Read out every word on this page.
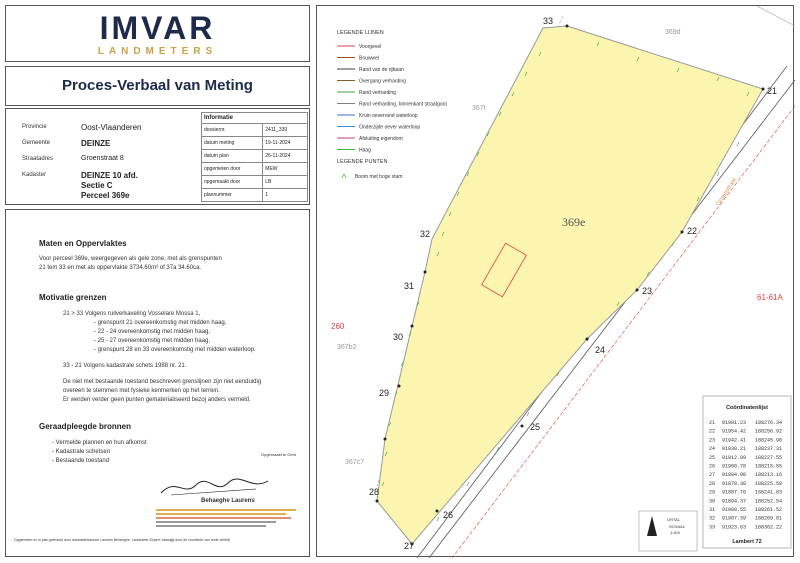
IMVAR
LANDMETERS
Proces-Verbaal van Meting
Provincie	Oost-Vlaanderen
Gemeente	DEINZE
Straatadres	Groenstraat 8
Kadaster	DEINZE 10 afd.
Sectie C
Perceel 369e
Informatie	
dossiernr.	2411_339
datum meting	19-11-2024
datum plan	26-11-2024
opgemeten door	MEW
opgemaakt door	LB
plannummer	1
Maten en Oppervlaktes
Voor perceel 369e, weergegeven als gele zone, met als grenspunten
21 tem 33 en met als oppervlakte 3734.60m² of 37a 34.60ca.
Motivatie grenzen
21 > 33 Volgens ruilverkaveling Vosselare Mossa 1,
- grenspunt 21 overeenkomstig met midden haag,
- 22 - 24 overeenkomstig met midden haag,
- 25 - 27 overeenkomstig met midden haag,
- grenspunt 28 en 33 overeenkomstig met midden waterloop.
33 - 21 Volgens kadastrale schets 1988 nr. 21.
De niet met bestaande toestand beschreven grenslijnen zijn niet eenduidig
overeen te stemmen met fysieke kenmerken op het terrein.
Er werden verder geen punten gematerialiseerd bezoj anders vermeld.
Geraadpleegde bronnen
- Vermelde plannen en hun afkomst
- Kadastrale schetsen
- Bestaande toestand
Opgemaakt te Gent
Behaeghe Laurens
Opgemeten en in plan gebracht door landmeterkantoor Laurens Behaeghe, Landmeter-Expert, bekwijgt door de voorlichte van renie verblijf
21
22
23
24
25
26
27
28
29
30
31
32
33
369e
369d
367t
367b2
367c7
260
61-61A
Groenstraat
LEGENDE LIJNEN
Voorgevel
Bouwwel
Rand van de rijbaan
Overgang verharding
Rand verharding
Rand verharding, binnenkant straatgoot
Kruin oeverrand waterloop
Onderzijde oever waterloop
Afsluiting eigendom
Haag
LEGENDE PUNTEN
Boom met hoge stam
Coördinatenlijst
21 91901.23 188276.34
22 91954.42 188256.92
23 91942.41 188245.98
24 91930.21 188237.31
25 91912.09 188227.55
26 91900.78 188215.55
27 91884.98 188213.16
28 91879.30 188225.59
29 91887.76 188241.83
30 91894.37 188252.54
31 91900.55 188261.52
32 91907.39 188269.81
33 91923.63 188302.22
Lambert 72
ORTAL
SCHAAL
1:400
